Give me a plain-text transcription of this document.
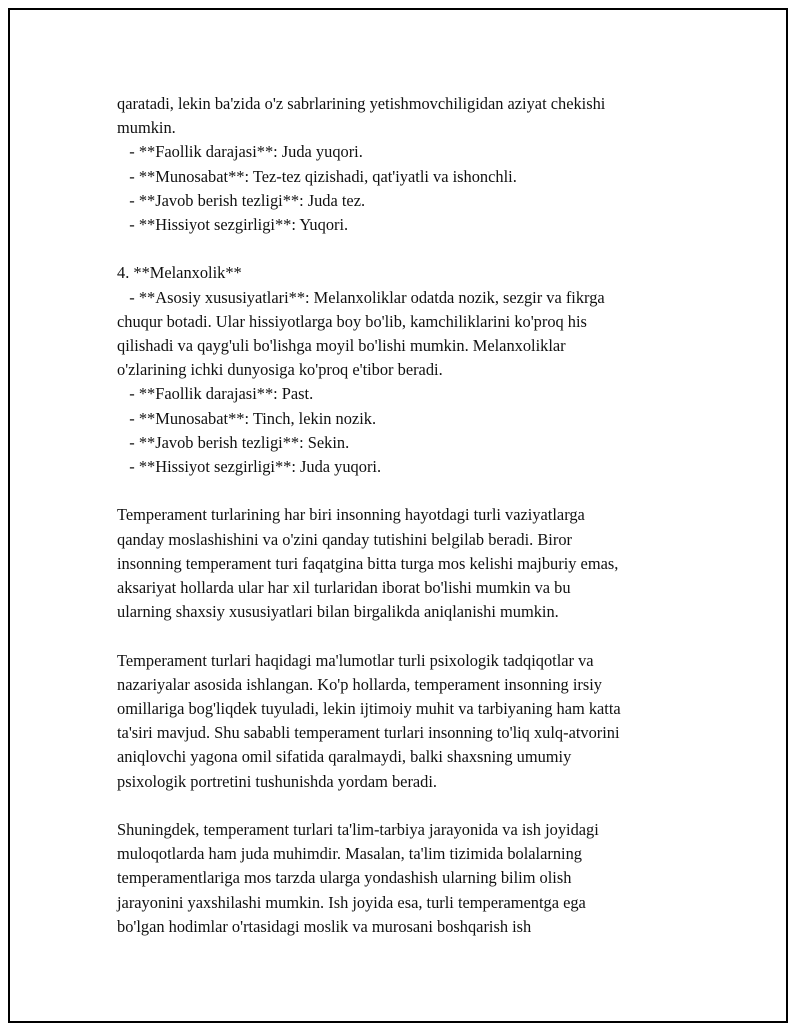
qaratadi, lekin ba'zida o'z sabrlarining yetishmovchiligidan aziyat chekishi
mumkin.
- **Faollik darajasi**: Juda yuqori.
- **Munosabat**: Tez-tez qizishadi, qat'iyatli va ishonchli.
- **Javob berish tezligi**: Juda tez.
- **Hissiyot sezgirligi**: Yuqori.
4. **Melanxolik**
- **Asosiy xususiyatlari**: Melanxoliklar odatda nozik, sezgir va fikrga
chuqur botadi. Ular hissiyotlarga boy bo'lib, kamchiliklarini ko'proq his
qilishadi va qayg'uli bo'lishga moyil bo'lishi mumkin. Melanxoliklar
o'zlarining ichki dunyosiga ko'proq e'tibor beradi.
- **Faollik darajasi**: Past.
- **Munosabat**: Tinch, lekin nozik.
- **Javob berish tezligi**: Sekin.
- **Hissiyot sezgirligi**: Juda yuqori.
Temperament turlarining har biri insonning hayotdagi turli vaziyatlarga
qanday moslashishini va o'zini qanday tutishini belgilab beradi. Biror
insonning temperament turi faqatgina bitta turga mos kelishi majburiy emas,
aksariyat hollarda ular har xil turlaridan iborat bo'lishi mumkin va bu
ularning shaxsiy xususiyatlari bilan birgalikda aniqlanishi mumkin.
Temperament turlari haqidagi ma'lumotlar turli psixologik tadqiqotlar va
nazariyalar asosida ishlangan. Ko'p hollarda, temperament insonning irsiy
omillariga bog'liqdek tuyuladi, lekin ijtimoiy muhit va tarbiyaning ham katta
ta'siri mavjud. Shu sababli temperament turlari insonning to'liq xulq-atvorini
aniqlovchi yagona omil sifatida qaralmaydi, balki shaxsning umumiy
psixologik portretini tushunishda yordam beradi.
Shuningdek, temperament turlari ta'lim-tarbiya jarayonida va ish joyidagi
muloqotlarda ham juda muhimdir. Masalan, ta'lim tizimida bolalarning
temperamentlariga mos tarzda ularga yondashish ularning bilim olish
jarayonini yaxshilashi mumkin. Ish joyida esa, turli temperamentga ega
bo'lgan hodimlar o'rtasidagi moslik va murosani boshqarish ish
